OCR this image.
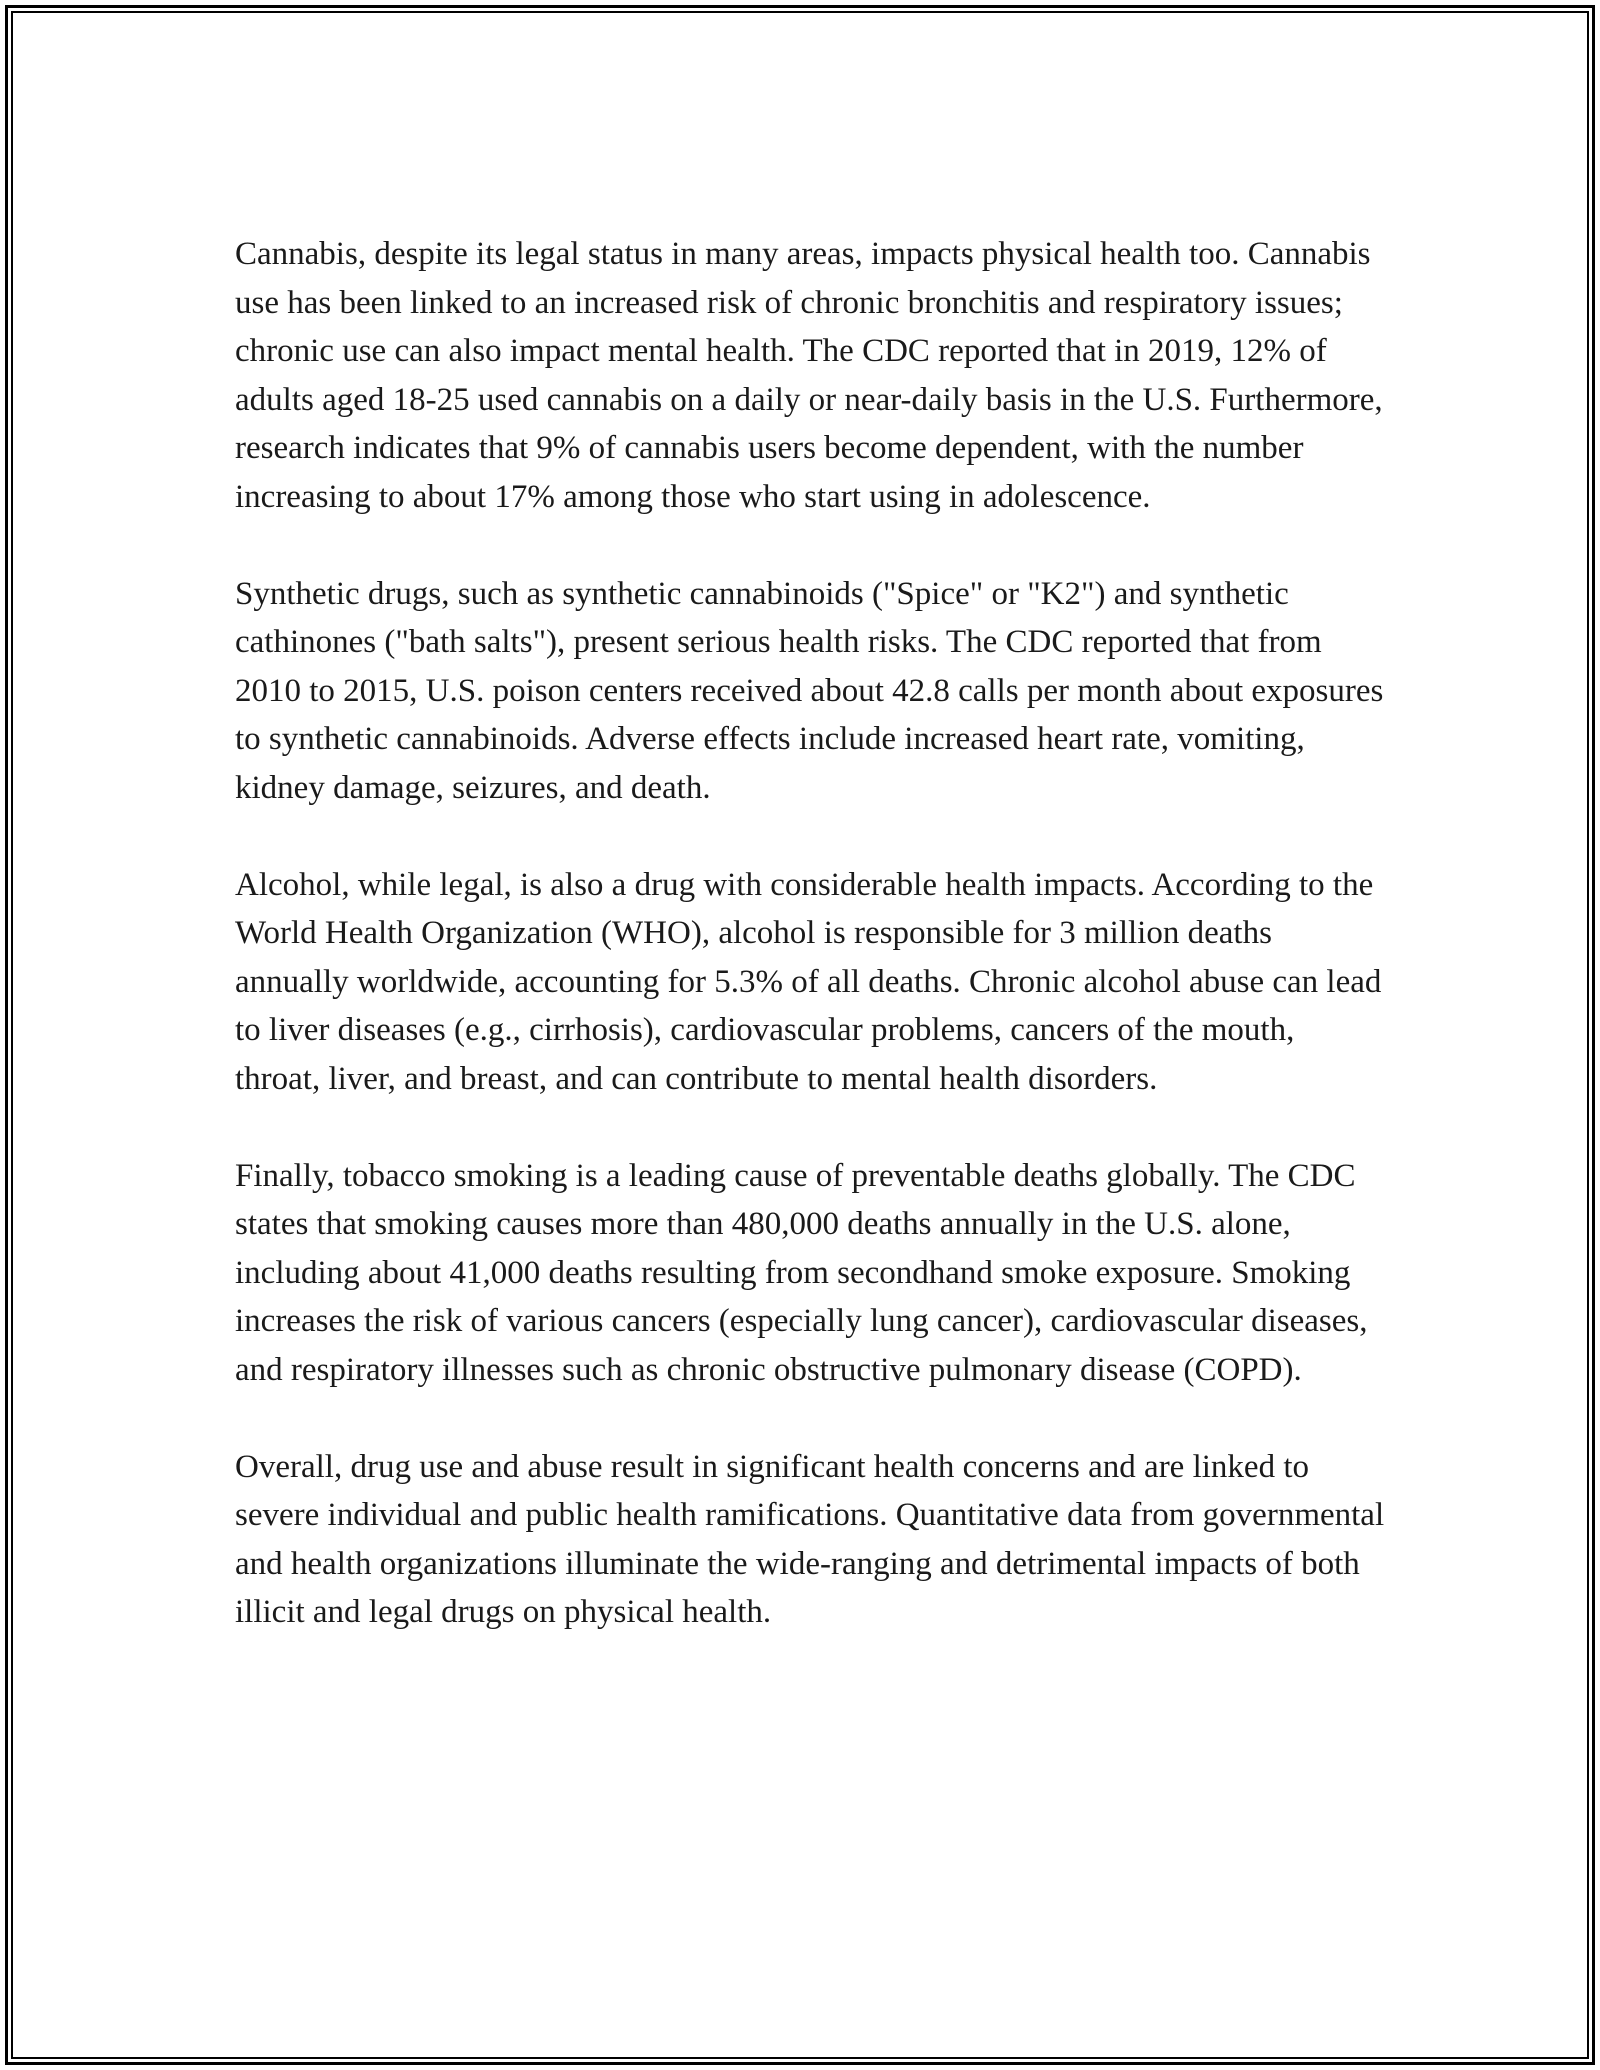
Cannabis, despite its legal status in many areas, impacts physical health too. Cannabis use has been linked to an increased risk of chronic bronchitis and respiratory issues; chronic use can also impact mental health. The CDC reported that in 2019, 12% of adults aged 18-25 used cannabis on a daily or near-daily basis in the U.S. Furthermore, research indicates that 9% of cannabis users become dependent, with the number increasing to about 17% among those who start using in adolescence.

Synthetic drugs, such as synthetic cannabinoids ("Spice" or "K2") and synthetic cathinones ("bath salts"), present serious health risks. The CDC reported that from 2010 to 2015, U.S. poison centers received about 42.8 calls per month about exposures to synthetic cannabinoids. Adverse effects include increased heart rate, vomiting, kidney damage, seizures, and death.

Alcohol, while legal, is also a drug with considerable health impacts. According to the World Health Organization (WHO), alcohol is responsible for 3 million deaths annually worldwide, accounting for 5.3% of all deaths. Chronic alcohol abuse can lead to liver diseases (e.g., cirrhosis), cardiovascular problems, cancers of the mouth, throat, liver, and breast, and can contribute to mental health disorders.

Finally, tobacco smoking is a leading cause of preventable deaths globally. The CDC states that smoking causes more than 480,000 deaths annually in the U.S. alone, including about 41,000 deaths resulting from secondhand smoke exposure. Smoking increases the risk of various cancers (especially lung cancer), cardiovascular diseases, and respiratory illnesses such as chronic obstructive pulmonary disease (COPD).

Overall, drug use and abuse result in significant health concerns and are linked to severe individual and public health ramifications. Quantitative data from governmental and health organizations illuminate the wide-ranging and detrimental impacts of both illicit and legal drugs on physical health.
